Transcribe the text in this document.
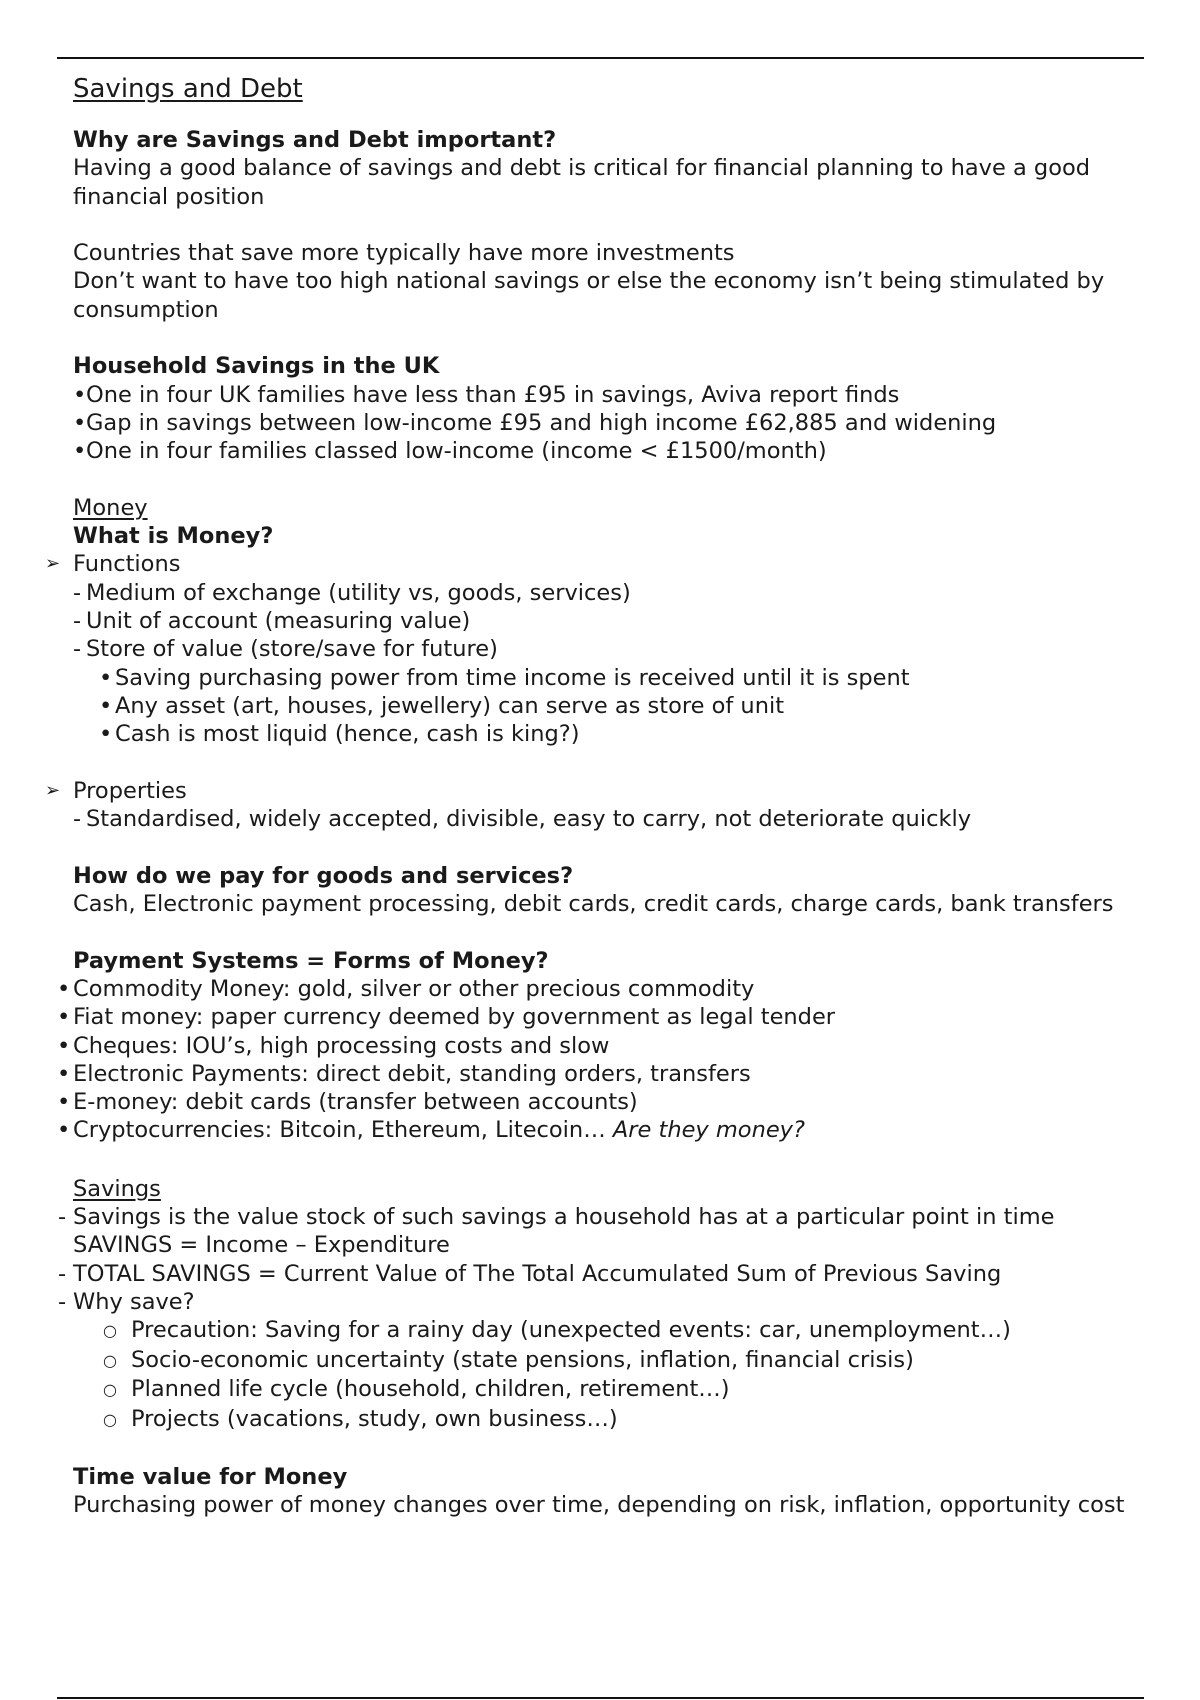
Savings and Debt

Why are Savings and Debt important?

Having a good balance of savings and debt is critical for financial planning to have a good financial position

Countries that save more typically have more investments

Don’t want to have too high national savings or else the economy isn’t being stimulated by consumption

Household Savings in the UK

• One in four UK families have less than £95 in savings, Aviva report finds
• Gap in savings between low-income £95 and high income £62,885 and widening
• One in four families classed low-income (income < £1500/month)

Money

What is Money?

➢ Functions
- Medium of exchange (utility vs, goods, services)
- Unit of account (measuring value)
- Store of value (store/save for future)
• Saving purchasing power from time income is received until it is spent
• Any asset (art, houses, jewellery) can serve as store of unit
• Cash is most liquid (hence, cash is king?)
➢ Properties
- Standardised, widely accepted, divisible, easy to carry, not deteriorate quickly

How do we pay for goods and services?

Cash, Electronic payment processing, debit cards, credit cards, charge cards, bank transfers

Payment Systems = Forms of Money?

• Commodity Money: gold, silver or other precious commodity
• Fiat money: paper currency deemed by government as legal tender
• Cheques: IOU’s, high processing costs and slow
• Electronic Payments: direct debit, standing orders, transfers
• E-money: debit cards (transfer between accounts)
• Cryptocurrencies: Bitcoin, Ethereum, Litecoin… Are they money?

Savings

- Savings is the value stock of such savings a household has at a particular point in time

SAVINGS = Income – Expenditure

- TOTAL SAVINGS = Current Value of The Total Accumulated Sum of Previous Saving
- Why save?
○ Precaution: Saving for a rainy day (unexpected events: car, unemployment…)
○ Socio-economic uncertainty (state pensions, inflation, financial crisis)
○ Planned life cycle (household, children, retirement…)
○ Projects (vacations, study, own business…)

Time value for Money

Purchasing power of money changes over time, depending on risk, inflation, opportunity cost
